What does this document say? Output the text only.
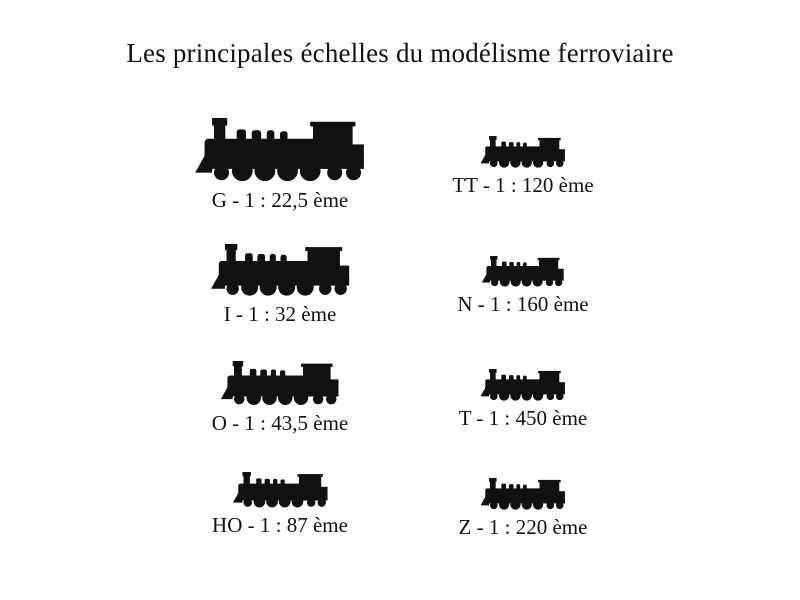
Les principales échelles du modélisme ferroviaire
G - 1 : 22,5 ème
I - 1 : 32 ème
O - 1 : 43,5 ème
HO - 1 : 87 ème
TT - 1 : 120 ème
N - 1 : 160 ème
T - 1 : 450 ème
Z - 1 : 220 ème
